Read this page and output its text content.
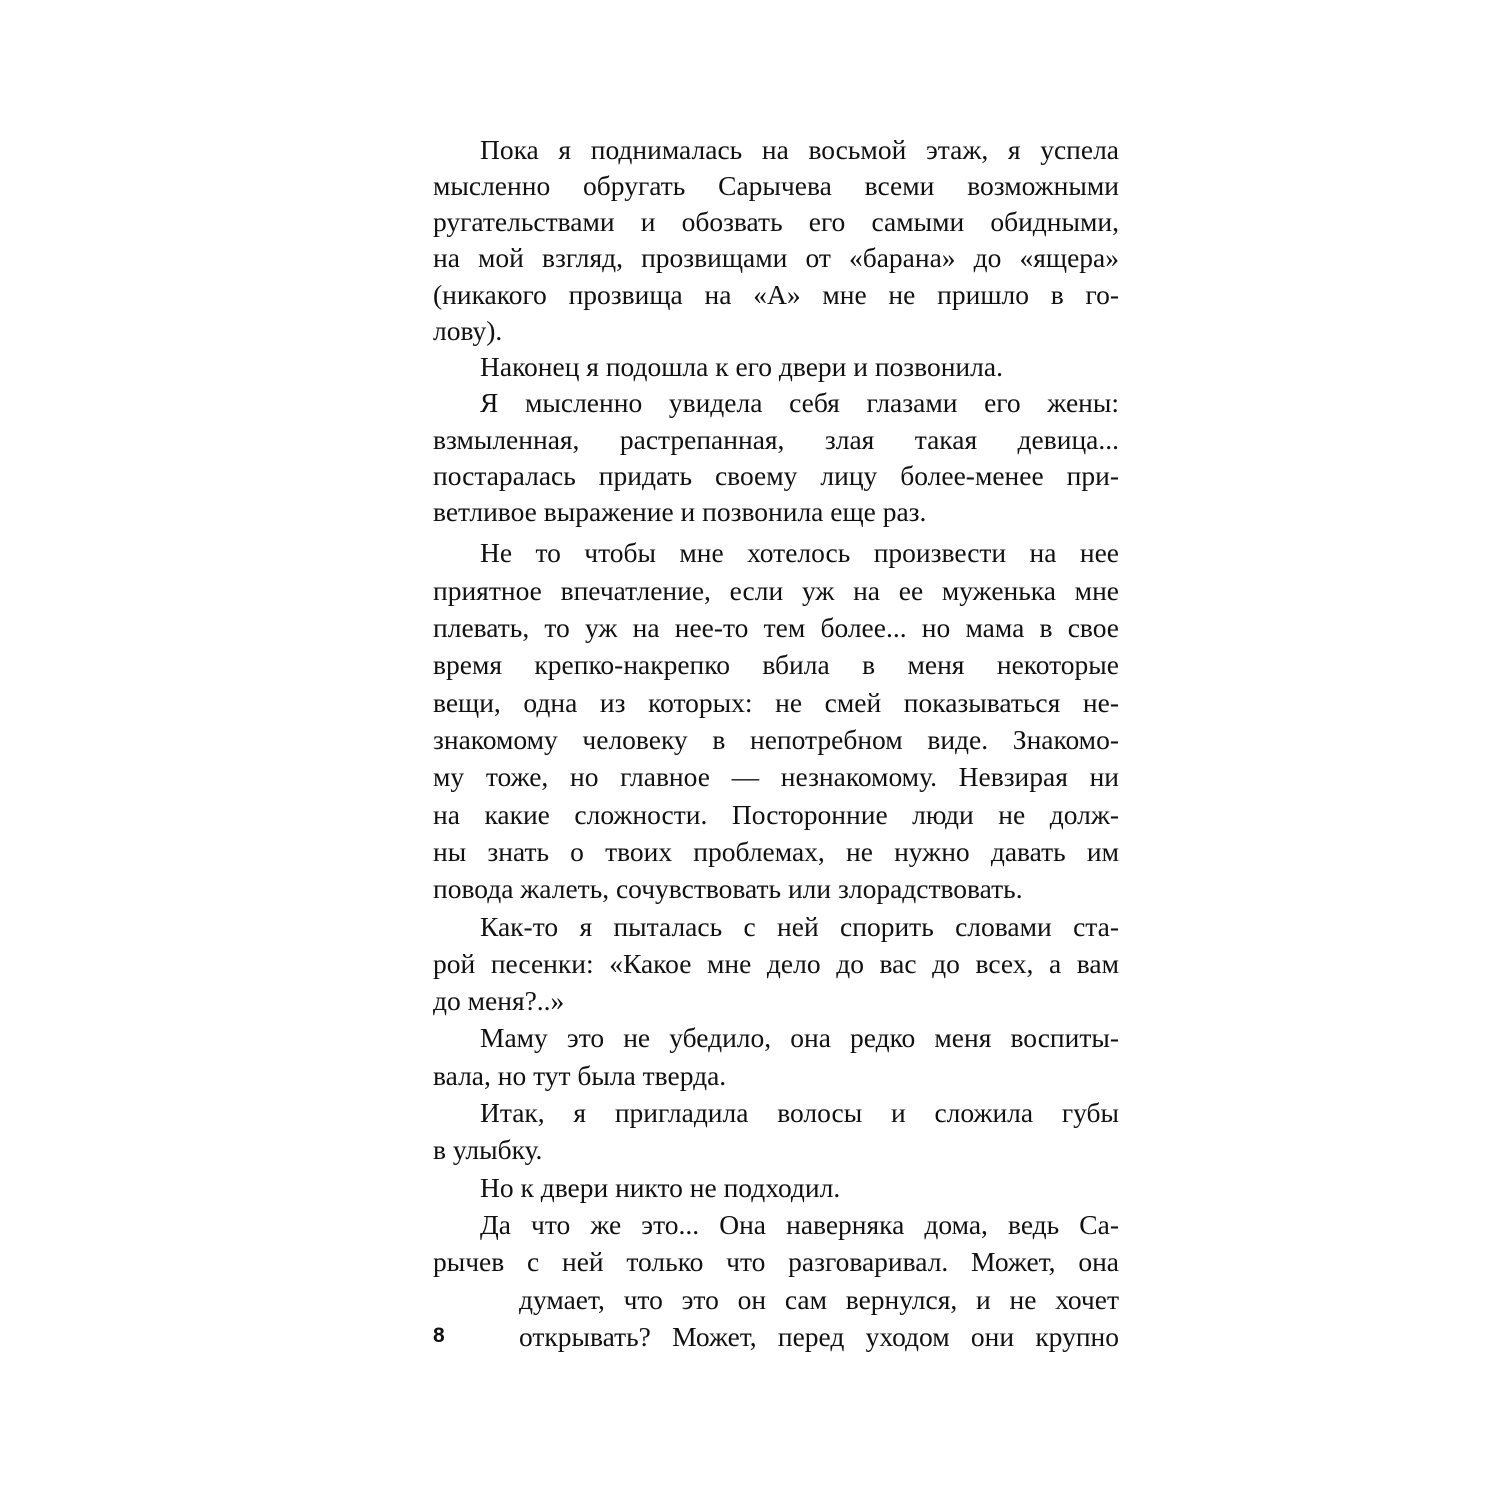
Пока я поднималась на восьмой этаж, я успела
мысленно обругать Сарычева всеми возможными
ругательствами и обозвать его самыми обидными,
на мой взгляд, прозвищами от «барана» до «ящера»
(никакого прозвища на «А» мне не пришло в го-
лову).
Наконец я подошла к его двери и позвонила.
Я мысленно увидела себя глазами его жены:
взмыленная, растрепанная, злая такая девица...
постаралась придать своему лицу более-менее при-
ветливое выражение и позвонила еще раз.
Не то чтобы мне хотелось произвести на нее
приятное впечатление, если уж на ее муженька мне
плевать, то уж на нее-то тем более... но мама в свое
время крепко-накрепко вбила в меня некоторые
вещи, одна из которых: не смей показываться не-
знакомому человеку в непотребном виде. Знакомо-
му тоже, но главное — незнакомому. Невзирая ни
на какие сложности. Посторонние люди не долж-
ны знать о твоих проблемах, не нужно давать им
повода жалеть, сочувствовать или злорадствовать.
Как-то я пыталась с ней спорить словами ста-
рой песенки: «Какое мне дело до вас до всех, а вам
до меня?..»
Маму это не убедило, она редко меня воспиты-
вала, но тут была тверда.
Итак, я пригладила волосы и сложила губы
в улыбку.
Но к двери никто не подходил.
Да что же это... Она наверняка дома, ведь Са-
рычев с ней только что разговаривал. Может, она
думает, что это он сам вернулся, и не хочет
открывать? Может, перед уходом они крупно
8
